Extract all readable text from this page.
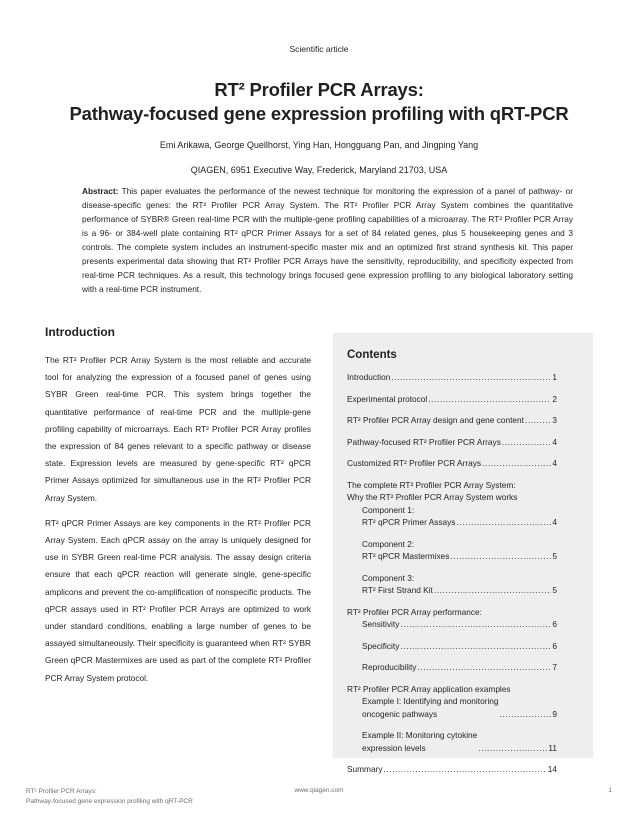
Scientific article
RT² Profiler PCR Arrays:
Pathway-focused gene expression profiling with qRT-PCR
Emi Arikawa, George Quellhorst, Ying Han, Hongguang Pan, and Jingping Yang
QIAGEN, 6951 Executive Way, Frederick, Maryland 21703, USA
Abstract: This paper evaluates the performance of the newest technique for monitoring the expression of a panel of pathway- or disease-specific genes: the RT² Profiler PCR Array System. The RT² Profiler PCR Array System combines the quantitative performance of SYBR® Green real-time PCR with the multiple-gene profiling capabilities of a microarray. The RT² Profiler PCR Array is a 96- or 384-well plate containing RT² qPCR Primer Assays for a set of 84 related genes, plus 5 housekeeping genes and 3 controls. The complete system includes an instrument-specific master mix and an optimized first strand synthesis kit. This paper presents experimental data showing that RT² Profiler PCR Arrays have the sensitivity, reproducibility, and specificity expected from real-time PCR techniques. As a result, this technology brings focused gene expression profiling to any biological laboratory setting with a real-time PCR instrument.
Introduction

The RT² Profiler PCR Array System is the most reliable and accurate tool for analyzing the expression of a focused panel of genes using SYBR Green real-time PCR. This system brings together the quantitative performance of real-time PCR and the multiple-gene profiling capability of microarrays. Each RT² Profiler PCR Array profiles the expression of 84 genes relevant to a specific pathway or disease state. Expression levels are measured by gene-specific RT² qPCR Primer Assays optimized for simultaneous use in the RT² Profiler PCR Array System.

RT² qPCR Primer Assays are key components in the RT² Profiler PCR Array System. Each qPCR assay on the array is uniquely designed for use in SYBR Green real-time PCR analysis. The assay design criteria ensure that each qPCR reaction will generate single, gene-specific amplicons and prevent the co-amplification of nonspecific products. The qPCR assays used in RT² Profiler PCR Arrays are optimized to work under standard conditions, enabling a large number of genes to be assayed simultaneously. Their specificity is guaranteed when RT² SYBR Green qPCR Mastermixes are used as part of the complete RT² Profiler PCR Array System protocol.

Contents
Introduction .....	1
Experimental protocol .....	2
RT² Profiler PCR Array design and gene content .....	3
Pathway-focused RT² Profiler PCR Arrays .....	4
Customized RT² Profiler PCR Arrays .....	4
The complete RT² Profiler PCR Array System:
Why the RT² Profiler PCR Array System works
Component 1:
RT² qPCR Primer Assays .....	4
Component 2:
RT² qPCR Mastermixes .....	5
Component 3:
RT² First Strand Kit .....	5
RT² Profiler PCR Array performance:
Sensitivity .....	6
Specificity .....	6
Reproducibility .....	7
RT² Profiler PCR Array application examples
Example I: Identifying and monitoring
oncogenic pathways .....	9
Example II: Monitoring cytokine
expression levels .....	11
Summary .....	14
RT² Profiler PCR Arrays:
Pathway-focused gene expression profiling with qRT-PCR
www.qiagen.com	1
